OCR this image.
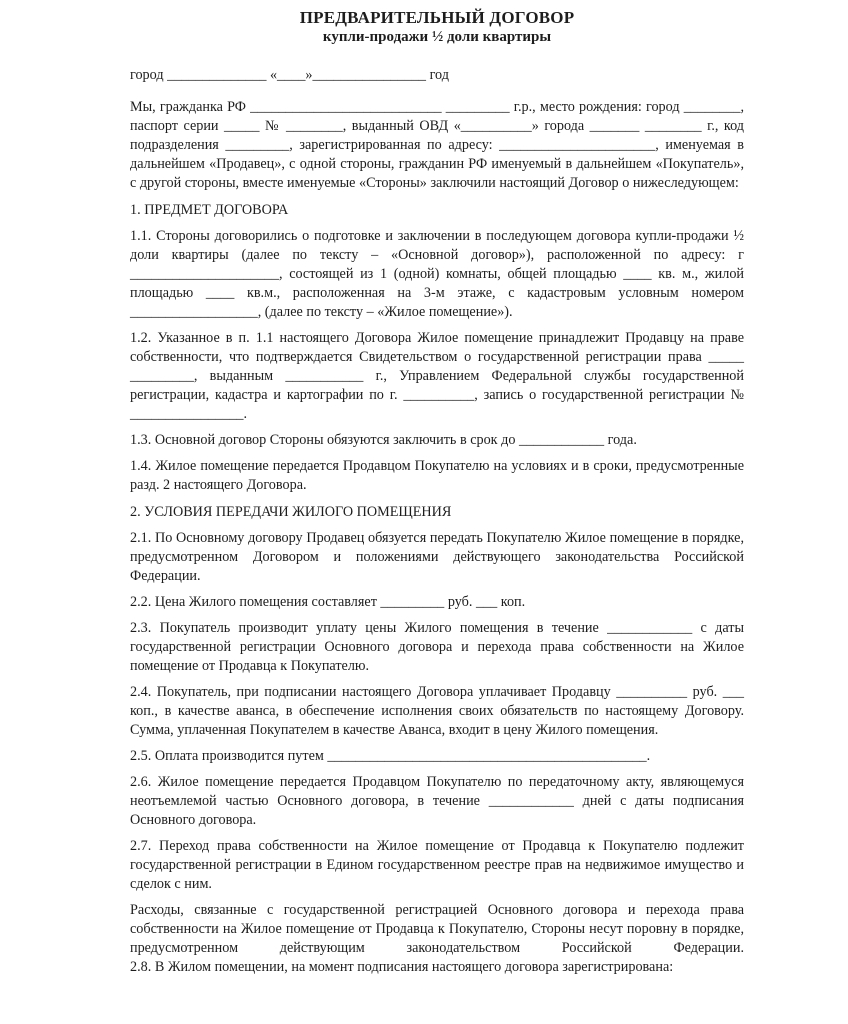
ПРЕДВАРИТЕЛЬНЫЙ ДОГОВОР
купли-продажи ½ доли квартиры

город ______________ «____»________________ год

Мы, гражданка РФ ___________________________ _________ г.р., место рождения: город ________, паспорт серии _____ № ________, выданный ОВД «__________» города _______ ________ г., код подразделения _________, зарегистрированная по адресу: ______________________, именуемая в дальнейшем «Продавец», с одной стороны, гражданин РФ именуемый в дальнейшем «Покупатель», с другой стороны, вместе именуемые «Стороны» заключили настоящий Договор о нижеследующем:

1. ПРЕДМЕТ ДОГОВОРА

1.1. Стороны договорились о подготовке и заключении в последующем договора купли-продажи ½ доли квартиры (далее по тексту – «Основной договор»), расположенной по адресу: г _____________________, состоящей из 1 (одной) комнаты, общей площадью ____ кв. м., жилой площадью ____ кв.м., расположенная на 3-м этаже, с кадастровым условным номером __________________, (далее по тексту – «Жилое помещение»).

1.2. Указанное в п. 1.1 настоящего Договора Жилое помещение принадлежит Продавцу на праве собственности, что подтверждается Свидетельством о государственной регистрации права _____ _________, выданным ___________ г., Управлением Федеральной службы государственной регистрации, кадастра и картографии по г. __________, запись о государственной регистрации № ________________.

1.3. Основной договор Стороны обязуются заключить в срок до ____________ года.

1.4. Жилое помещение передается Продавцом Покупателю на условиях и в сроки, предусмотренные разд. 2 настоящего Договора.

2. УСЛОВИЯ ПЕРЕДАЧИ ЖИЛОГО ПОМЕЩЕНИЯ

2.1. По Основному договору Продавец обязуется передать Покупателю Жилое помещение в порядке, предусмотренном Договором и положениями действующего законодательства Российской Федерации.

2.2. Цена Жилого помещения составляет _________ руб. ___ коп.

2.3. Покупатель производит уплату цены Жилого помещения в течение ____________ с даты государственной регистрации Основного договора и перехода права собственности на Жилое помещение от Продавца к Покупателю.

2.4. Покупатель, при подписании настоящего Договора уплачивает Продавцу __________ руб. ___ коп., в качестве аванса, в обеспечение исполнения своих обязательств по настоящему Договору. Сумма, уплаченная Покупателем в качестве Аванса, входит в цену Жилого помещения.

2.5. Оплата производится путем _____________________________________________.

2.6. Жилое помещение передается Продавцом Покупателю по передаточному акту, являющемуся неотъемлемой частью Основного договора, в течение ____________ дней с даты подписания Основного договора.

2.7. Переход права собственности на Жилое помещение от Продавца к Покупателю подлежит государственной регистрации в Едином государственном реестре прав на недвижимое имущество и сделок с ним.

Расходы, связанные с государственной регистрацией Основного договора и перехода права собственности на Жилое помещение от Продавца к Покупателю, Стороны несут поровну в порядке, предусмотренном действующим законодательством Российской Федерации.

2.8. В Жилом помещении, на момент подписания настоящего договора зарегистрирована:
